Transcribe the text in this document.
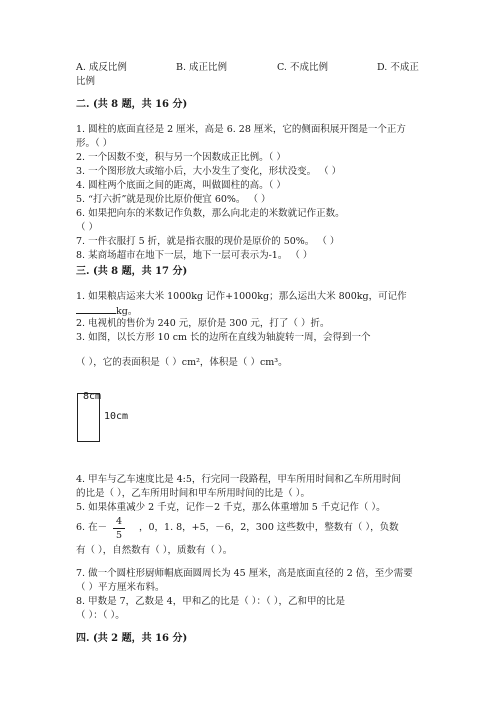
A. 成反比例	B. 成正比例	C. 不成比例	D. 不成正
比例
二. (共 8 题，共 16 分)
1. 圆柱的底面直径是 2 厘米，高是 6. 28 厘米，它的侧面积展开图是一个正方
形。（ ）
2. 一个因数不变，积与另一个因数成正比例。（ ）
3. 一个图形放大或缩小后，大小发生了变化，形状没变。 （ ）
4. 圆柱两个底面之间的距离，叫做圆柱的高。（ ）
5. “打六折”就是现价比原价便宜 60%。 （ ）
6. 如果把向东的米数记作负数，那么向北走的米数就记作正数。
（ ）
7. 一件衣服打 5 折，就是指衣服的现价是原价的 50%。 （ ）
8. 某商场超市在地下一层，地下一层可表示为-1。 （ ）
三. (共 8 题，共 17 分)
1. 如果粮店运来大米 1000kg 记作+1000kg；那么运出大米 800kg，可记作
kg。
2. 电视机的售价为 240 元，原价是 300 元，打了（ ）折。
3. 如图，以长方形 10 cm 长的边所在直线为轴旋转一周，会得到一个
（ ），它的表面积是（ ）cm²，体积是（ ）cm³。
8cm
10cm
4. 甲车与乙车速度比是 4:5，行完同一段路程，甲车所用时间和乙车所用时间
的比是（ ），乙车所用时间和甲车所用时间的比是（ ）。
5. 如果体重减少 2 千克，记作－2 千克，那么体重增加 5 千克记作（ ）。
6. 在－
4
5
，0，1. 8，+5，－6，2，300 这些数中，整数有（ ），负数
有（ ），自然数有（ ），质数有（ ）。
7. 做一个圆柱形厨师帽底面圆周长为 45 厘米，高是底面直径的 2 倍，至少需要
（ ）平方厘米布料。
8. 甲数是 7，乙数是 4，甲和乙的比是（ ）：（ ），乙和甲的比是
（ ）：（ ）。
四. (共 2 题，共 16 分)
